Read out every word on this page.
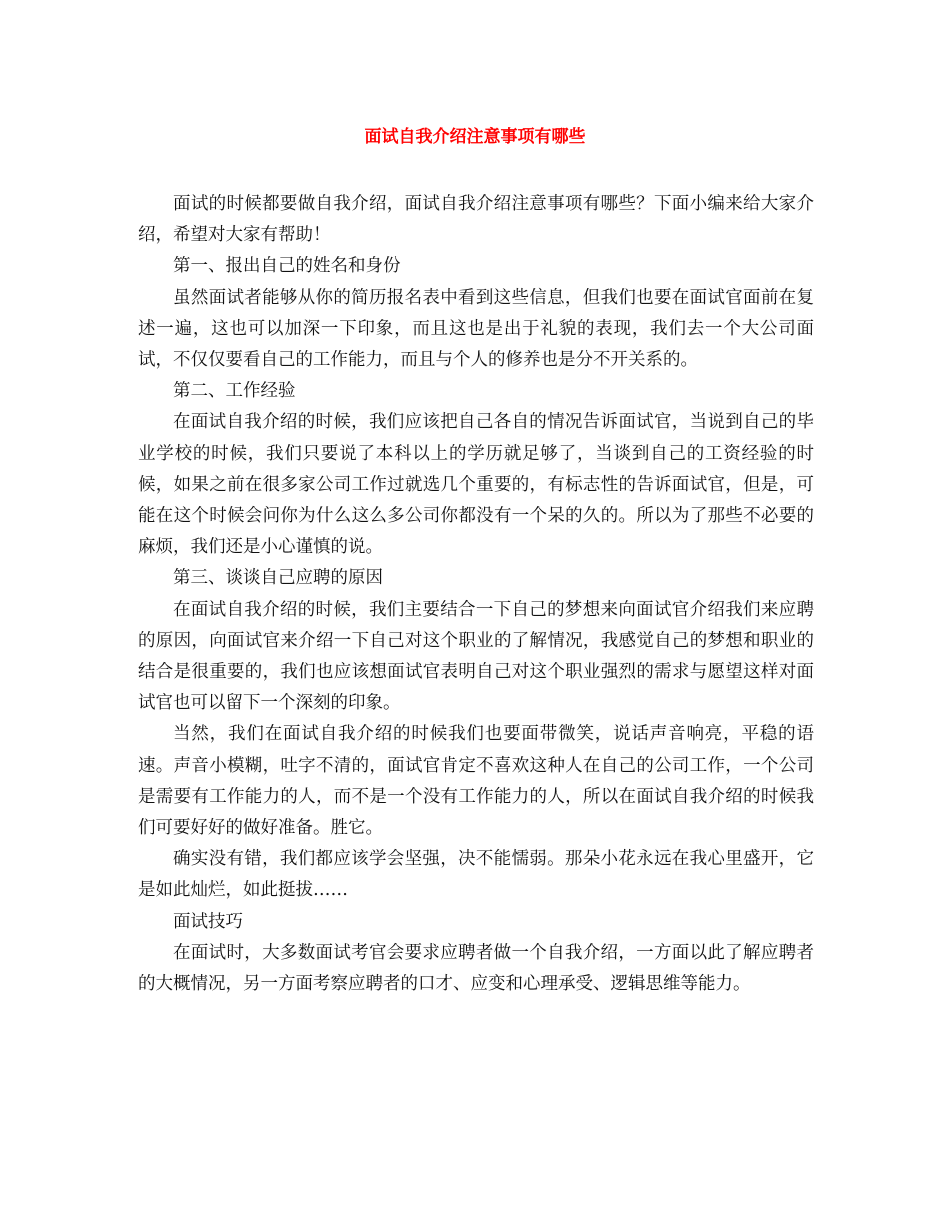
面试自我介绍注意事项有哪些

面试的时候都要做自我介绍，面试自我介绍注意事项有哪些？下面小编来给大家介绍，希望对大家有帮助！

第一、报出自己的姓名和身份

虽然面试者能够从你的简历报名表中看到这些信息，但我们也要在面试官面前在复述一遍，这也可以加深一下印象，而且这也是出于礼貌的表现，我们去一个大公司面试，不仅仅要看自己的工作能力，而且与个人的修养也是分不开关系的。

第二、工作经验

在面试自我介绍的时候，我们应该把自己各自的情况告诉面试官，当说到自己的毕业学校的时候，我们只要说了本科以上的学历就足够了，当谈到自己的工资经验的时候，如果之前在很多家公司工作过就选几个重要的，有标志性的告诉面试官，但是，可能在这个时候会问你为什么这么多公司你都没有一个呆的久的。所以为了那些不必要的麻烦，我们还是小心谨慎的说。

第三、谈谈自己应聘的原因

在面试自我介绍的时候，我们主要结合一下自己的梦想来向面试官介绍我们来应聘的原因，向面试官来介绍一下自己对这个职业的了解情况，我感觉自己的梦想和职业的结合是很重要的，我们也应该想面试官表明自己对这个职业强烈的需求与愿望这样对面试官也可以留下一个深刻的印象。

当然，我们在面试自我介绍的时候我们也要面带微笑，说话声音响亮，平稳的语速。声音小模糊，吐字不清的，面试官肯定不喜欢这种人在自己的公司工作，一个公司是需要有工作能力的人，而不是一个没有工作能力的人，所以在面试自我介绍的时候我们可要好好的做好准备。胜它。

确实没有错，我们都应该学会坚强，决不能懦弱。那朵小花永远在我心里盛开，它是如此灿烂，如此挺拔……

面试技巧

在面试时，大多数面试考官会要求应聘者做一个自我介绍，一方面以此了解应聘者的大概情况，另一方面考察应聘者的口才、应变和心理承受、逻辑思维等能力。
